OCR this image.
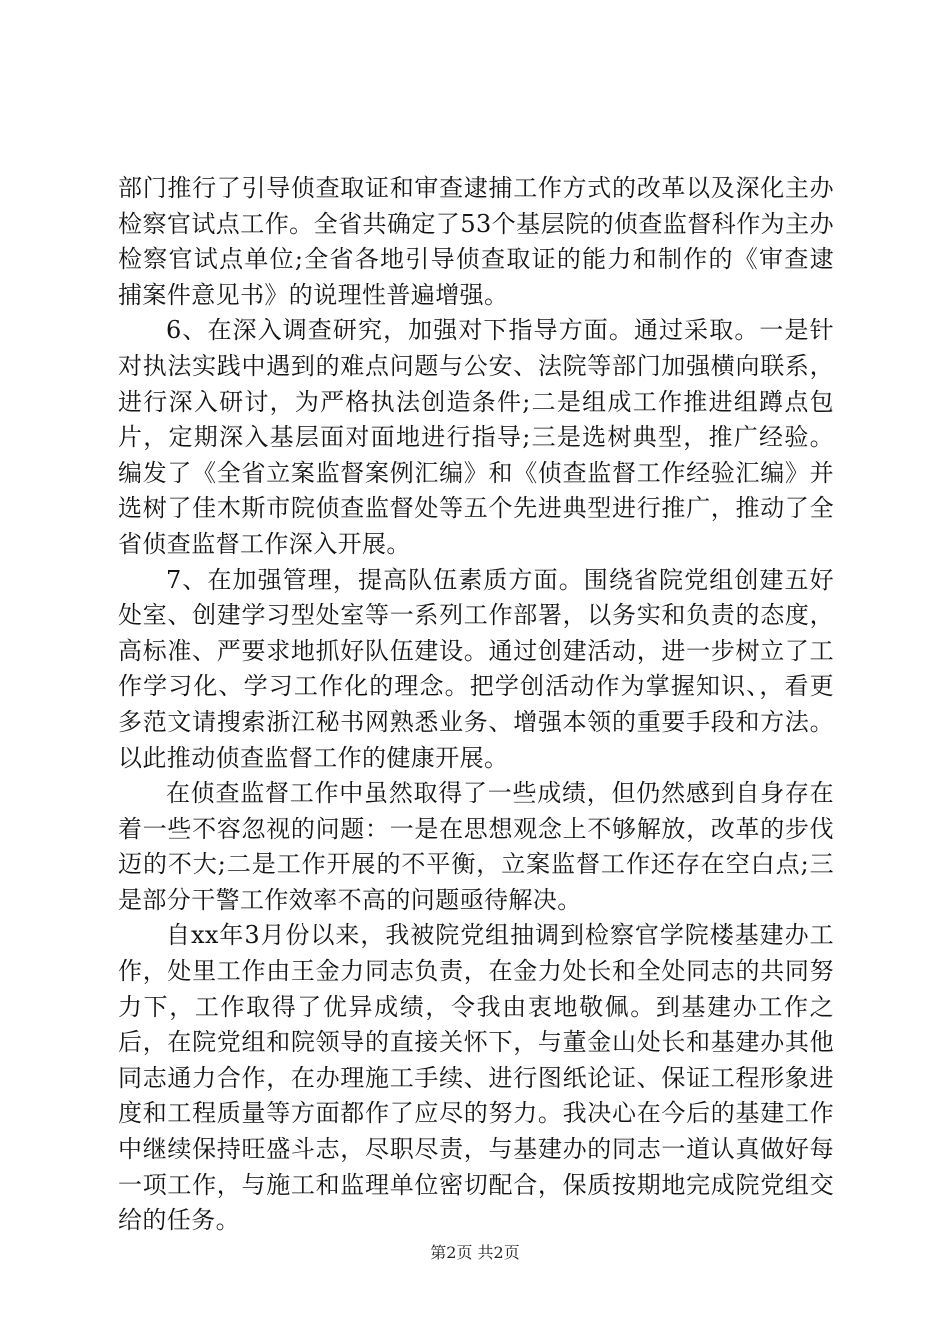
部门推行了引导侦查取证和审查逮捕工作方式的改革以及深化主办检察官试点工作。全省共确定了53个基层院的侦查监督科作为主办检察官试点单位;全省各地引导侦查取证的能力和制作的《审查逮捕案件意见书》的说理性普遍增强。

6、在深入调查研究，加强对下指导方面。通过采取。一是针对执法实践中遇到的难点问题与公安、法院等部门加强横向联系，进行深入研讨，为严格执法创造条件;二是组成工作推进组蹲点包片，定期深入基层面对面地进行指导;三是选树典型，推广经验。编发了《全省立案监督案例汇编》和《侦查监督工作经验汇编》并选树了佳木斯市院侦查监督处等五个先进典型进行推广，推动了全省侦查监督工作深入开展。

7、在加强管理，提高队伍素质方面。围绕省院党组创建五好处室、创建学习型处室等一系列工作部署，以务实和负责的态度，高标准、严要求地抓好队伍建设。通过创建活动，进一步树立了工作学习化、学习工作化的理念。把学创活动作为掌握知识、，看更多范文请搜索浙江秘书网熟悉业务、增强本领的重要手段和方法。以此推动侦查监督工作的健康开展。

在侦查监督工作中虽然取得了一些成绩，但仍然感到自身存在着一些不容忽视的问题：一是在思想观念上不够解放，改革的步伐迈的不大;二是工作开展的不平衡，立案监督工作还存在空白点;三是部分干警工作效率不高的问题亟待解决。

自xx年3月份以来，我被院党组抽调到检察官学院楼基建办工作，处里工作由王金力同志负责，在金力处长和全处同志的共同努力下，工作取得了优异成绩，令我由衷地敬佩。到基建办工作之后，在院党组和院领导的直接关怀下，与董金山处长和基建办其他同志通力合作，在办理施工手续、进行图纸论证、保证工程形象进度和工程质量等方面都作了应尽的努力。我决心在今后的基建工作中继续保持旺盛斗志，尽职尽责，与基建办的同志一道认真做好每一项工作，与施工和监理单位密切配合，保质按期地完成院党组交给的任务。

第2页 共2页
